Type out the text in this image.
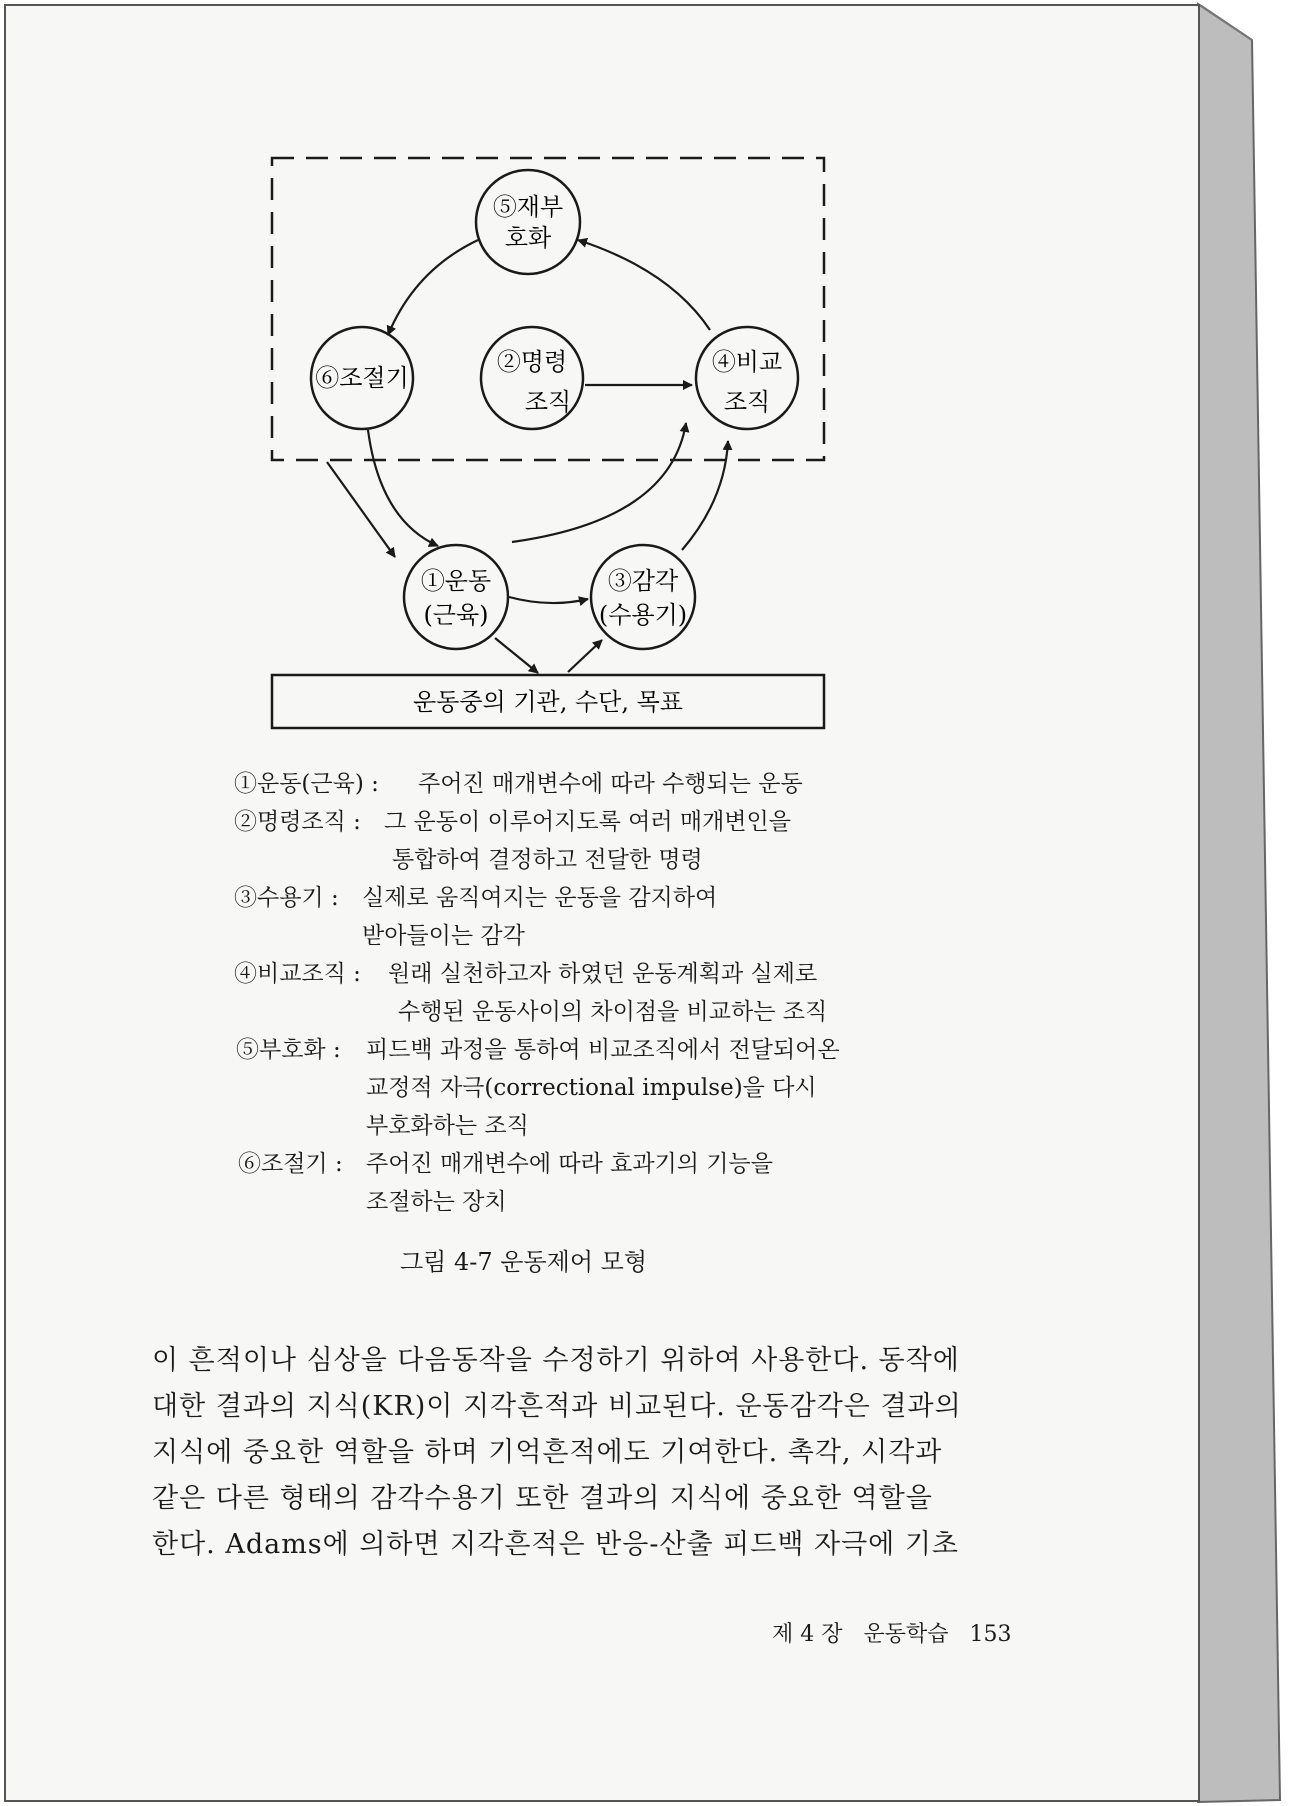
⑤재부
호화
⑥조절기
②명령
조직
④비교
조직
①운동
(근육)
③감각
(수용기)
운동중의 기관, 수단, 목표
①운동(근육) : 주어진 매개변수에 따라 수행되는 운동
②명령조직 : 그 운동이 이루어지도록 여러 매개변인을
통합하여 결정하고 전달한 명령
③수용기 : 실제로 움직여지는 운동을 감지하여
받아들이는 감각
④비교조직 : 원래 실천하고자 하였던 운동계획과 실제로
수행된 운동사이의 차이점을 비교하는 조직
⑤부호화 : 피드백 과정을 통하여 비교조직에서 전달되어온
교정적 자극(correctional impulse)을 다시
부호화하는 조직
⑥조절기 : 주어진 매개변수에 따라 효과기의 기능을
조절하는 장치
그림 4-7 운동제어 모형
이 흔적이나 심상을 다음동작을 수정하기 위하여 사용한다. 동작에
대한 결과의 지식(KR)이 지각흔적과 비교된다. 운동감각은 결과의
지식에 중요한 역할을 하며 기억흔적에도 기여한다. 촉각, 시각과
같은 다른 형태의 감각수용기 또한 결과의 지식에 중요한 역할을
한다. Adams에 의하면 지각흔적은 반응-산출 피드백 자극에 기초
제 4 장 운동학습 153
